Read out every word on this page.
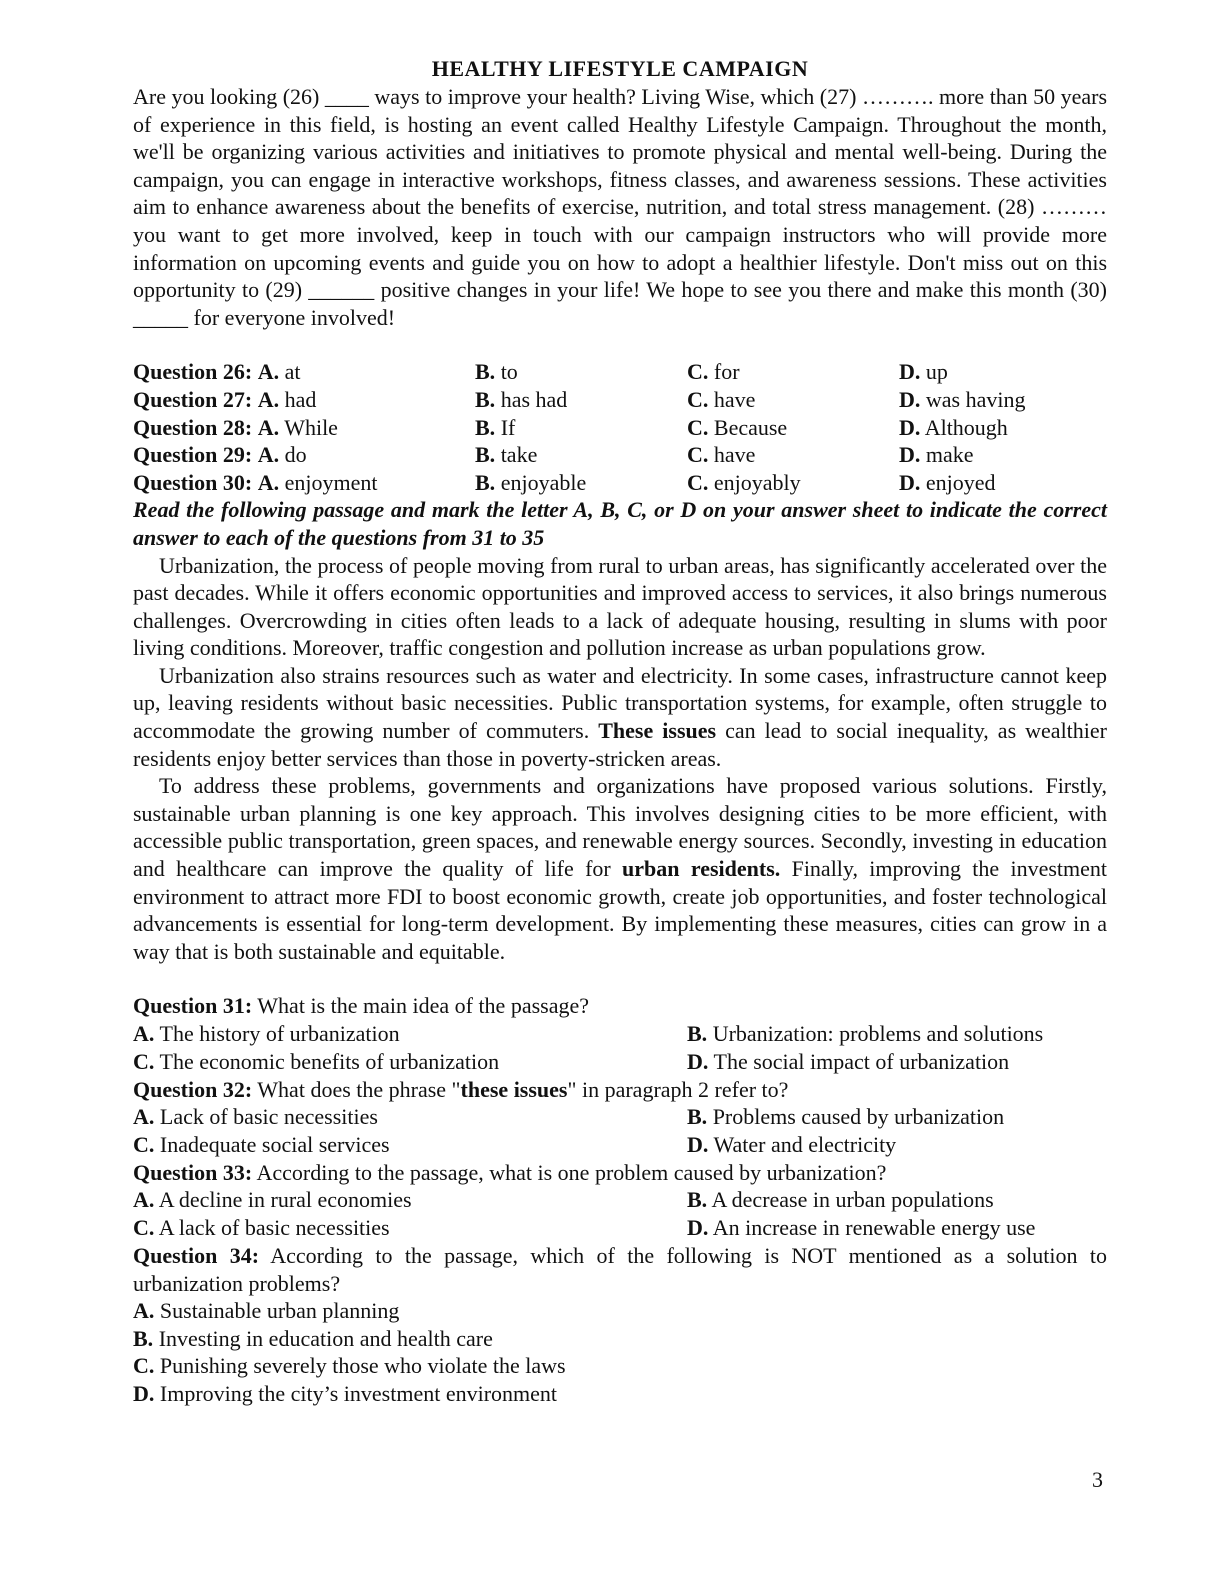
HEALTHY LIFESTYLE CAMPAIGN

Are you looking (26) ____ ways to improve your health? Living Wise, which (27) ………. more than 50 years of experience in this field, is hosting an event called Healthy Lifestyle Campaign. Throughout the month, we'll be organizing various activities and initiatives to promote physical and mental well-being. During the campaign, you can engage in interactive workshops, fitness classes, and awareness sessions. These activities aim to enhance awareness about the benefits of exercise, nutrition, and total stress management. (28) ……… you want to get more involved, keep in touch with our campaign instructors who will provide more information on upcoming events and guide you on how to adopt a healthier lifestyle. Don't miss out on this opportunity to (29) ______ positive changes in your life! We hope to see you there and make this month (30) _____ for everyone involved!

Question 26: A. at	B. to	C. for	D. up
Question 27: A. had	B. has had	C. have	D. was having
Question 28: A. While	B. If	C. Because	D. Although
Question 29: A. do	B. take	C. have	D. make
Question 30: A. enjoyment	B. enjoyable	C. enjoyably	D. enjoyed

Read the following passage and mark the letter A, B, C, or D on your answer sheet to indicate the correct answer to each of the questions from 31 to 35

Urbanization, the process of people moving from rural to urban areas, has significantly accelerated over the past decades. While it offers economic opportunities and improved access to services, it also brings numerous challenges. Overcrowding in cities often leads to a lack of adequate housing, resulting in slums with poor living conditions. Moreover, traffic congestion and pollution increase as urban populations grow.

Urbanization also strains resources such as water and electricity. In some cases, infrastructure cannot keep up, leaving residents without basic necessities. Public transportation systems, for example, often struggle to accommodate the growing number of commuters. These issues can lead to social inequality, as wealthier residents enjoy better services than those in poverty-stricken areas.

To address these problems, governments and organizations have proposed various solutions. Firstly, sustainable urban planning is one key approach. This involves designing cities to be more efficient, with accessible public transportation, green spaces, and renewable energy sources. Secondly, investing in education and healthcare can improve the quality of life for urban residents. Finally, improving the investment environment to attract more FDI to boost economic growth, create job opportunities, and foster technological advancements is essential for long-term development. By implementing these measures, cities can grow in a way that is both sustainable and equitable.

Question 31: What is the main idea of the passage?
A. The history of urbanization	B. Urbanization: problems and solutions
C. The economic benefits of urbanization	D. The social impact of urbanization
Question 32: What does the phrase "these issues" in paragraph 2 refer to?
A. Lack of basic necessities	B. Problems caused by urbanization
C. Inadequate social services	D. Water and electricity
Question 33: According to the passage, what is one problem caused by urbanization?
A. A decline in rural economies	B. A decrease in urban populations
C. A lack of basic necessities	D. An increase in renewable energy use

Question 34: According to the passage, which of the following is NOT mentioned as a solution to urbanization problems?

A. Sustainable urban planning
B. Investing in education and health care
C. Punishing severely those who violate the laws
D. Improving the city’s investment environment
3
